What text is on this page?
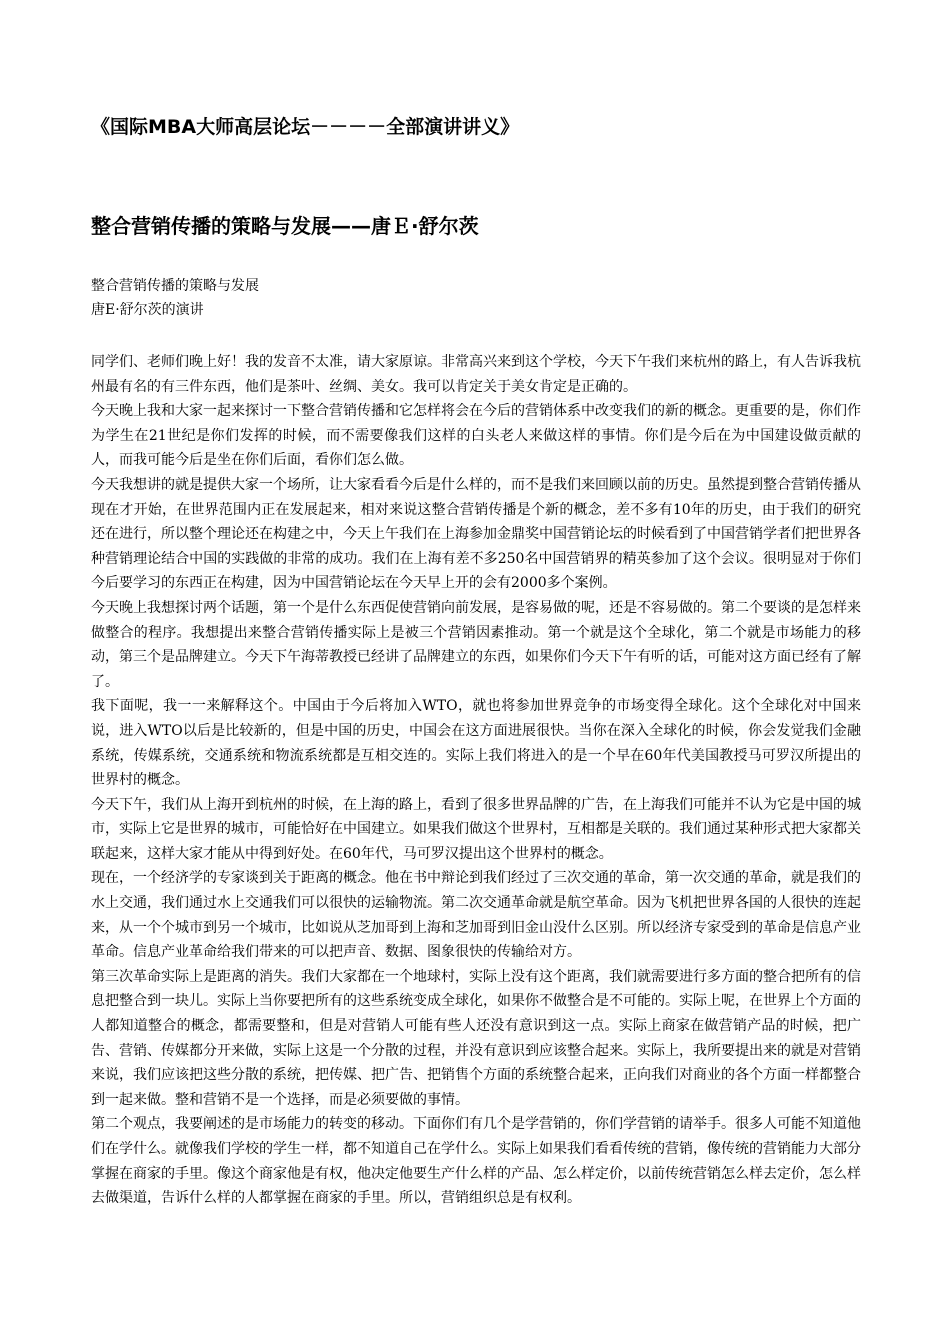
《国际MBA大师高层论坛－－－－全部演讲讲义》
整合营销传播的策略与发展——唐Ｅ·舒尔茨
整合营销传播的策略与发展
唐E·舒尔茨的演讲

同学们、老师们晚上好！我的发音不太准，请大家原谅。非常高兴来到这个学校，今天下午我们来杭州的路上，有人告诉我杭州最有名的有三件东西，他们是茶叶、丝绸、美女。我可以肯定关于美女肯定是正确的。

今天晚上我和大家一起来探讨一下整合营销传播和它怎样将会在今后的营销体系中改变我们的新的概念。更重要的是，你们作为学生在21世纪是你们发挥的时候，而不需要像我们这样的白头老人来做这样的事情。你们是今后在为中国建设做贡献的人，而我可能今后是坐在你们后面，看你们怎么做。

今天我想讲的就是提供大家一个场所，让大家看看今后是什么样的，而不是我们来回顾以前的历史。虽然提到整合营销传播从现在才开始，在世界范围内正在发展起来，相对来说这整合营销传播是个新的概念，差不多有10年的历史，由于我们的研究还在进行，所以整个理论还在构建之中，今天上午我们在上海参加金鼎奖中国营销论坛的时候看到了中国营销学者们把世界各种营销理论结合中国的实践做的非常的成功。我们在上海有差不多250名中国营销界的精英参加了这个会议。很明显对于你们今后要学习的东西正在构建，因为中国营销论坛在今天早上开的会有2000多个案例。

今天晚上我想探讨两个话题，第一个是什么东西促使营销向前发展，是容易做的呢，还是不容易做的。第二个要谈的是怎样来做整合的程序。我想提出来整合营销传播实际上是被三个营销因素推动。第一个就是这个全球化，第二个就是市场能力的移动，第三个是品牌建立。今天下午海蒂教授已经讲了品牌建立的东西，如果你们今天下午有听的话，可能对这方面已经有了解了。

我下面呢，我一一来解释这个。中国由于今后将加入WTO，就也将参加世界竞争的市场变得全球化。这个全球化对中国来说，进入WTO以后是比较新的，但是中国的历史，中国会在这方面进展很快。当你在深入全球化的时候，你会发觉我们金融系统，传媒系统，交通系统和物流系统都是互相交连的。实际上我们将进入的是一个早在60年代美国教授马可罗汉所提出的世界村的概念。

今天下午，我们从上海开到杭州的时候，在上海的路上，看到了很多世界品牌的广告，在上海我们可能并不认为它是中国的城市，实际上它是世界的城市，可能恰好在中国建立。如果我们做这个世界村，互相都是关联的。我们通过某种形式把大家都关联起来，这样大家才能从中得到好处。在60年代，马可罗汉提出这个世界村的概念。

现在，一个经济学的专家谈到关于距离的概念。他在书中辩论到我们经过了三次交通的革命，第一次交通的革命，就是我们的水上交通，我们通过水上交通我们可以很快的运输物流。第二次交通革命就是航空革命。因为飞机把世界各国的人很快的连起来，从一个个城市到另一个城市，比如说从芝加哥到上海和芝加哥到旧金山没什么区别。所以经济专家受到的革命是信息产业革命。信息产业革命给我们带来的可以把声音、数据、图象很快的传输给对方。

第三次革命实际上是距离的消失。我们大家都在一个地球村，实际上没有这个距离，我们就需要进行多方面的整合把所有的信息把整合到一块儿。实际上当你要把所有的这些系统变成全球化，如果你不做整合是不可能的。实际上呢，在世界上个方面的人都知道整合的概念，都需要整和，但是对营销人可能有些人还没有意识到这一点。实际上商家在做营销产品的时候，把广告、营销、传媒都分开来做，实际上这是一个分散的过程，并没有意识到应该整合起来。实际上，我所要提出来的就是对营销来说，我们应该把这些分散的系统，把传媒、把广告、把销售个方面的系统整合起来，正向我们对商业的各个方面一样都整合到一起来做。整和营销不是一个选择，而是必须要做的事情。

第二个观点，我要阐述的是市场能力的转变的移动。下面你们有几个是学营销的，你们学营销的请举手。很多人可能不知道他们在学什么。就像我们学校的学生一样，都不知道自己在学什么。实际上如果我们看看传统的营销，像传统的营销能力大部分掌握在商家的手里。像这个商家他是有权，他决定他要生产什么样的产品、怎么样定价，以前传统营销怎么样去定价，怎么样去做渠道，告诉什么样的人都掌握在商家的手里。所以，营销组织总是有权利。
